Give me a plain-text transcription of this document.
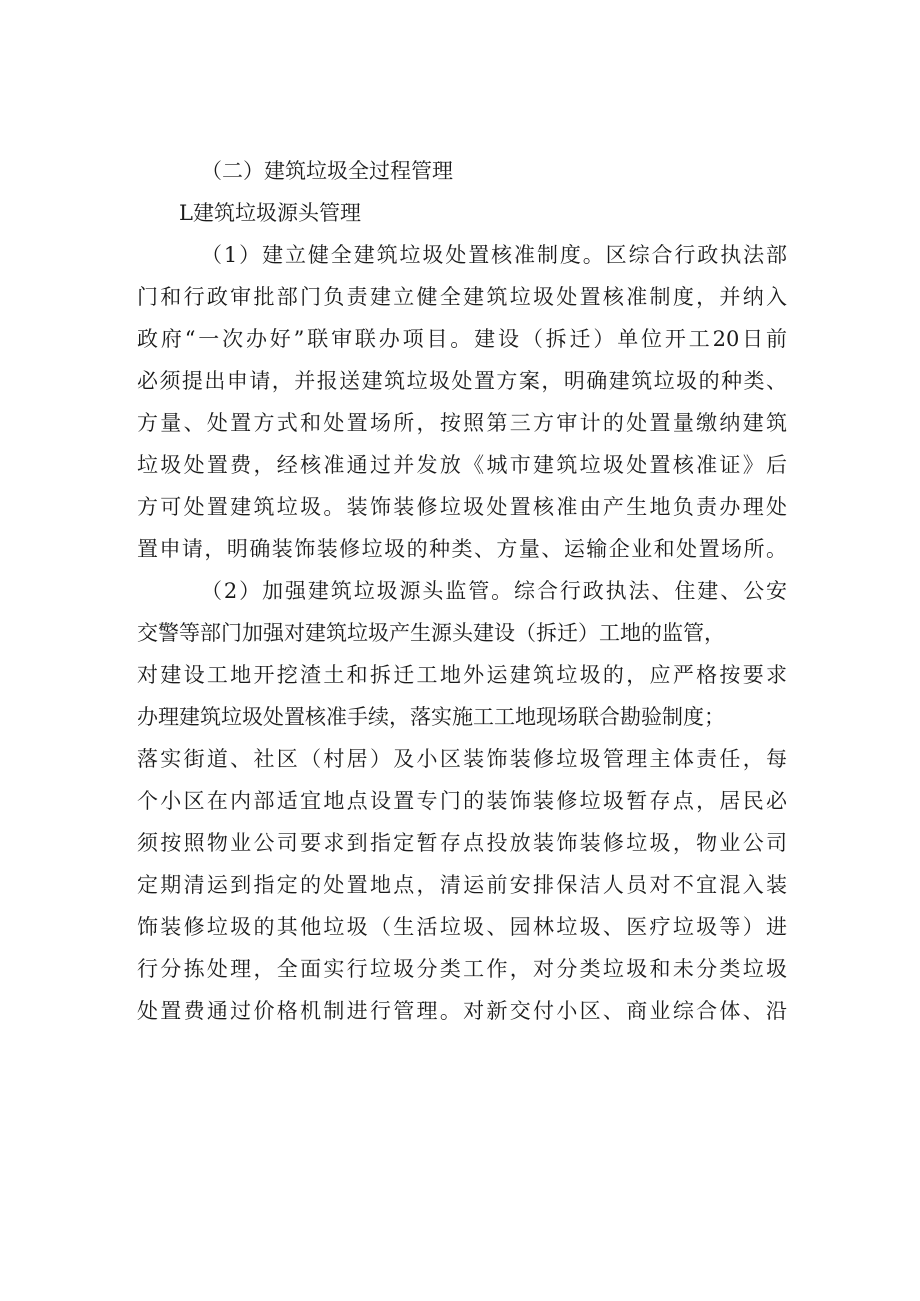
（二）建筑垃圾全过程管理
L建筑垃圾源头管理
（1）建立健全建筑垃圾处置核准制度。区综合行政执法部
门和行政审批部门负责建立健全建筑垃圾处置核准制度，并纳入
政府“一次办好”联审联办项目。建设（拆迁）单位开工20日前
必须提出申请，并报送建筑垃圾处置方案，明确建筑垃圾的种类、
方量、处置方式和处置场所，按照第三方审计的处置量缴纳建筑
垃圾处置费，经核准通过并发放《城市建筑垃圾处置核准证》后
方可处置建筑垃圾。装饰装修垃圾处置核准由产生地负责办理处
置申请，明确装饰装修垃圾的种类、方量、运输企业和处置场所。
（2）加强建筑垃圾源头监管。综合行政执法、住建、公安
交警等部门加强对建筑垃圾产生源头建设（拆迁）工地的监管，
对建设工地开挖渣土和拆迁工地外运建筑垃圾的，应严格按要求
办理建筑垃圾处置核准手续，落实施工工地现场联合勘验制度；
落实街道、社区（村居）及小区装饰装修垃圾管理主体责任，每
个小区在内部适宜地点设置专门的装饰装修垃圾暂存点，居民必
须按照物业公司要求到指定暂存点投放装饰装修垃圾，物业公司
定期清运到指定的处置地点，清运前安排保洁人员对不宜混入装
饰装修垃圾的其他垃圾（生活垃圾、园林垃圾、医疗垃圾等）进
行分拣处理，全面实行垃圾分类工作，对分类垃圾和未分类垃圾
处置费通过价格机制进行管理。对新交付小区、商业综合体、沿
